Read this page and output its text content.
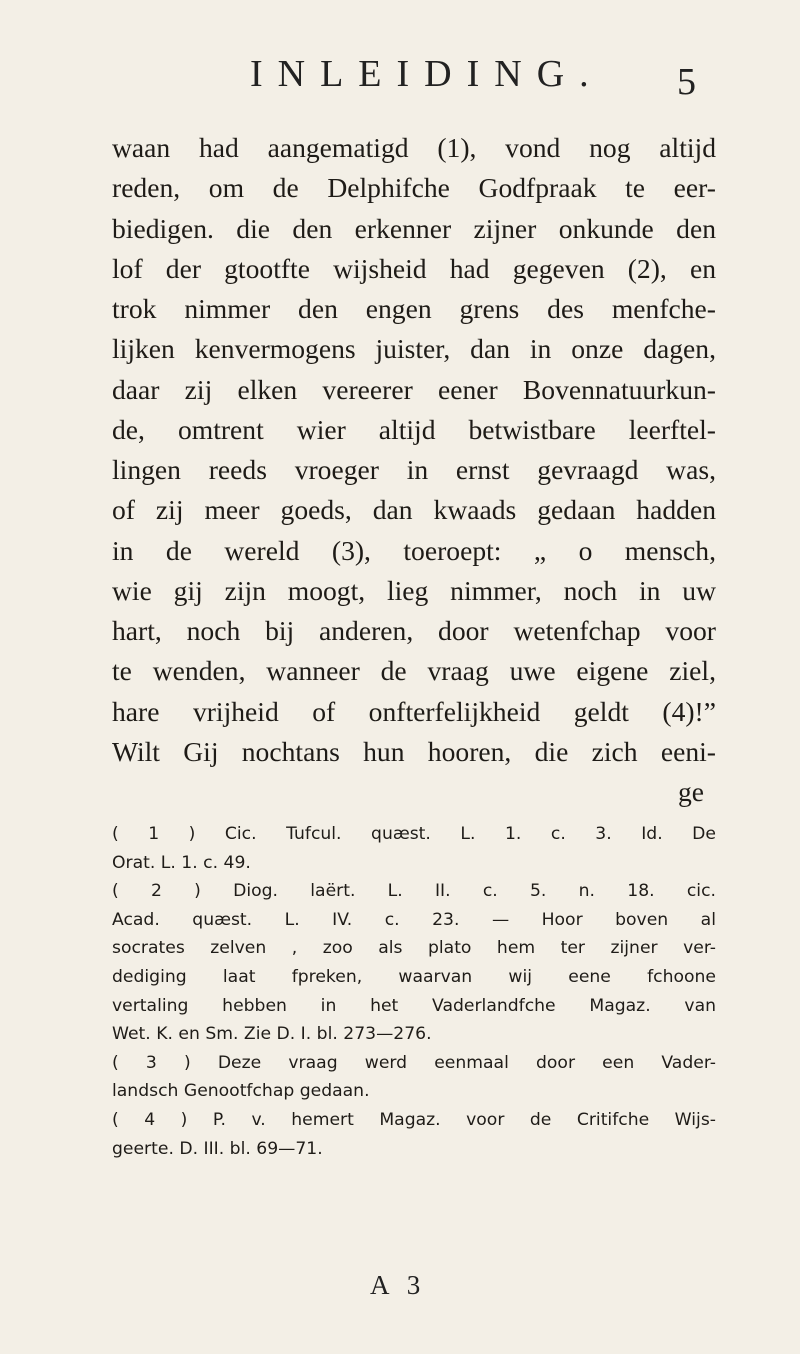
INLEIDING. 5
waan had aangematigd (1), vond nog altijd
reden, om de Delphifche Godfpraak te eer-
biedigen. die den erkenner zijner onkunde den
lof der gtootfte wijsheid had gegeven (2), en
trok nimmer den engen grens des menfche-
lijken kenvermogens juister, dan in onze dagen,
daar zij elken vereerer eener Bovennatuurkun-
de, omtrent wier altijd betwistbare leerftel-
lingen reeds vroeger in ernst gevraagd was,
of zij meer goeds, dan kwaads gedaan hadden
in de wereld (3), toeroept: „ o mensch,
wie gij zijn moogt, lieg nimmer, noch in uw
hart, noch bij anderen, door wetenfchap voor
te wenden, wanneer de vraag uwe eigene ziel,
hare vrijheid of onfterfelijkheid geldt (4)!”
Wilt Gij nochtans hun hooren, die zich eeni-
ge
( 1 ) Cic. Tufcul. quæst. L. 1. c. 3. Id. De
Orat. L. 1. c. 49.
( 2 ) Diog. laërt. L. II. c. 5. n. 18. cic.
Acad. quæst. L. IV. c. 23. — Hoor boven al
socrates zelven , zoo als plato hem ter zijner ver-
dediging laat fpreken, waarvan wij eene fchoone
vertaling hebben in het Vaderlandfche Magaz. van
Wet. K. en Sm. Zie D. I. bl. 273—276.
( 3 ) Deze vraag werd eenmaal door een Vader-
landsch Genootfchap gedaan.
( 4 ) P. v. hemert Magaz. voor de Critifche Wijs-
geerte. D. III. bl. 69—71.
A 3
